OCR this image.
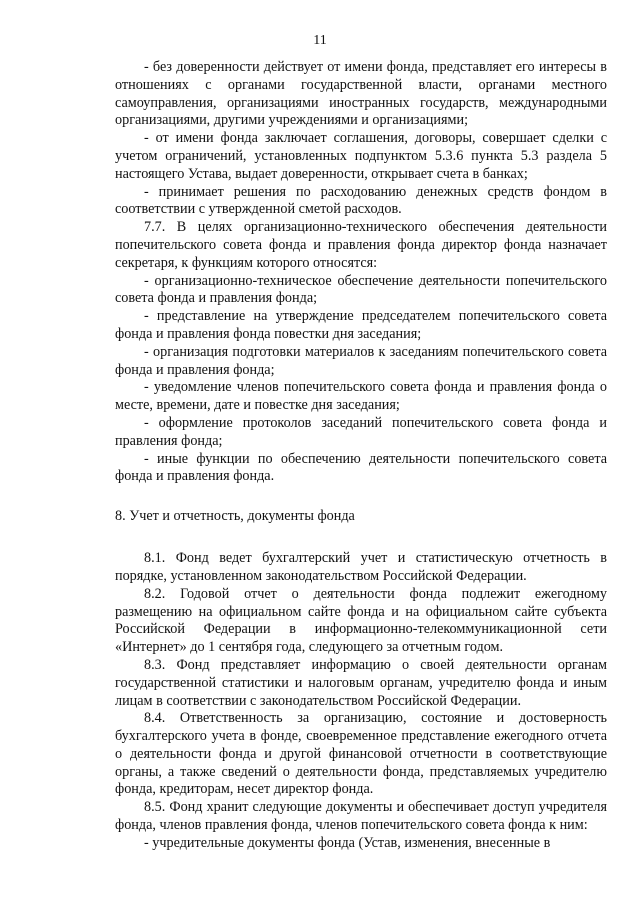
11

- без доверенности действует от имени фонда, представляет его интересы в отношениях с органами государственной власти, органами местного самоуправления, организациями иностранных государств, международными организациями, другими учреждениями и организациями;

- от имени фонда заключает соглашения, договоры, совершает сделки с учетом ограничений, установленных подпунктом 5.3.6 пункта 5.3 раздела 5 настоящего Устава, выдает доверенности, открывает счета в банках;

- принимает решения по расходованию денежных средств фондом в соответствии с утвержденной сметой расходов.

7.7. В целях организационно-технического обеспечения деятельности попечительского совета фонда и правления фонда директор фонда назначает секретаря, к функциям которого относятся:

- организационно-техническое обеспечение деятельности попечительского совета фонда и правления фонда;

- представление на утверждение председателем попечительского совета фонда и правления фонда повестки дня заседания;

- организация подготовки материалов к заседаниям попечительского совета фонда и правления фонда;

- уведомление членов попечительского совета фонда и правления фонда о месте, времени, дате и повестке дня заседания;

- оформление протоколов заседаний попечительского совета фонда и правления фонда;

- иные функции по обеспечению деятельности попечительского совета фонда и правления фонда.

8. Учет и отчетность, документы фонда

8.1. Фонд ведет бухгалтерский учет и статистическую отчетность в порядке, установленном законодательством Российской Федерации.

8.2. Годовой отчет о деятельности фонда подлежит ежегодному размещению на официальном сайте фонда и на официальном сайте субъекта Российской Федерации в информационно-телекоммуникационной сети «Интернет» до 1 сентября года, следующего за отчетным годом.

8.3. Фонд представляет информацию о своей деятельности органам государственной статистики и налоговым органам, учредителю фонда и иным лицам в соответствии с законодательством Российской Федерации.

8.4. Ответственность за организацию, состояние и достоверность бухгалтерского учета в фонде, своевременное представление ежегодного отчета о деятельности фонда и другой финансовой отчетности в соответствующие органы, а также сведений о деятельности фонда, представляемых учредителю фонда, кредиторам, несет директор фонда.

8.5. Фонд хранит следующие документы и обеспечивает доступ учредителя фонда, членов правления фонда, членов попечительского совета фонда к ним:

- учредительные документы фонда (Устав, изменения, внесенные в
